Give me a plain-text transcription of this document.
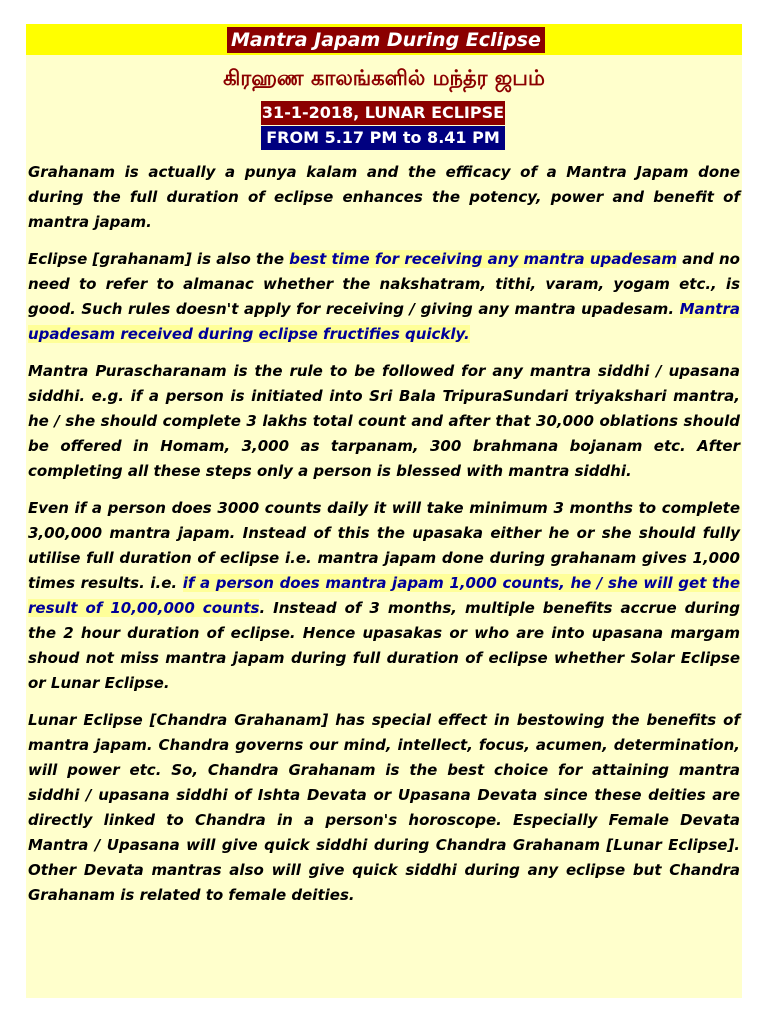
Mantra Japam During Eclipse
கிரஹண காலங்களில் மந்த்ர ஜபம்
31-1-2018, LUNAR ECLIPSE
FROM 5.17 PM to 8.41 PM

Grahanam is actually a punya kalam and the efficacy of a Mantra Japam done during the full duration of eclipse enhances the potency, power and benefit of mantra japam.

Eclipse [grahanam] is also the best time for receiving any mantra upadesam and no need to refer to almanac whether the nakshatram, tithi, varam, yogam etc., is good. Such rules doesn't apply for receiving / giving any mantra upadesam. Mantra upadesam received during eclipse fructifies quickly.

Mantra Purascharanam is the rule to be followed for any mantra siddhi / upasana siddhi. e.g. if a person is initiated into Sri Bala TripuraSundari triyakshari mantra, he / she should complete 3 lakhs total count and after that 30,000 oblations should be offered in Homam, 3,000 as tarpanam, 300 brahmana bojanam etc. After completing all these steps only a person is blessed with mantra siddhi.

Even if a person does 3000 counts daily it will take minimum 3 months to complete 3,00,000 mantra japam. Instead of this the upasaka either he or she should fully utilise full duration of eclipse i.e. mantra japam done during grahanam gives 1,000 times results. i.e. if a person does mantra japam 1,000 counts, he / she will get the result of 10,00,000 counts. Instead of 3 months, multiple benefits accrue during the 2 hour duration of eclipse. Hence upasakas or who are into upasana margam shoud not miss mantra japam during full duration of eclipse whether Solar Eclipse or Lunar Eclipse.

Lunar Eclipse [Chandra Grahanam] has special effect in bestowing the benefits of mantra japam. Chandra governs our mind, intellect, focus, acumen, determination, will power etc. So, Chandra Grahanam is the best choice for attaining mantra siddhi / upasana siddhi of Ishta Devata or Upasana Devata since these deities are directly linked to Chandra in a person's horoscope. Especially Female Devata Mantra / Upasana will give quick siddhi during Chandra Grahanam [Lunar Eclipse]. Other Devata mantras also will give quick siddhi during any eclipse but Chandra Grahanam is related to female deities.
